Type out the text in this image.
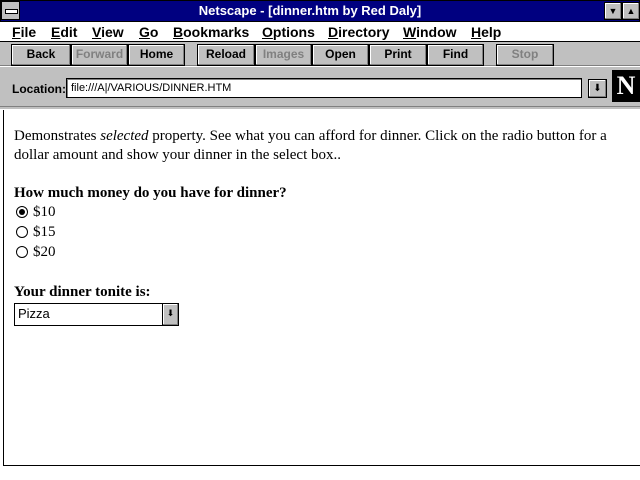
Netscape - [dinner.htm by Red Daly]	▼	▲
File Edit View Go Bookmarks Options Directory Window Help
Back	Forward	Home	Reload	Images	Open	Print	Find	Stop
Location: file:///A|/VARIOUS/DINNER.HTM	⬇ N
Demonstrates selected property. See what you can afford for dinner. Click on the radio button for a dollar amount and show your dinner in the select box..
How much money do you have for dinner?
$10
$15
$20
Your dinner tonite is:
Pizza	⬇
